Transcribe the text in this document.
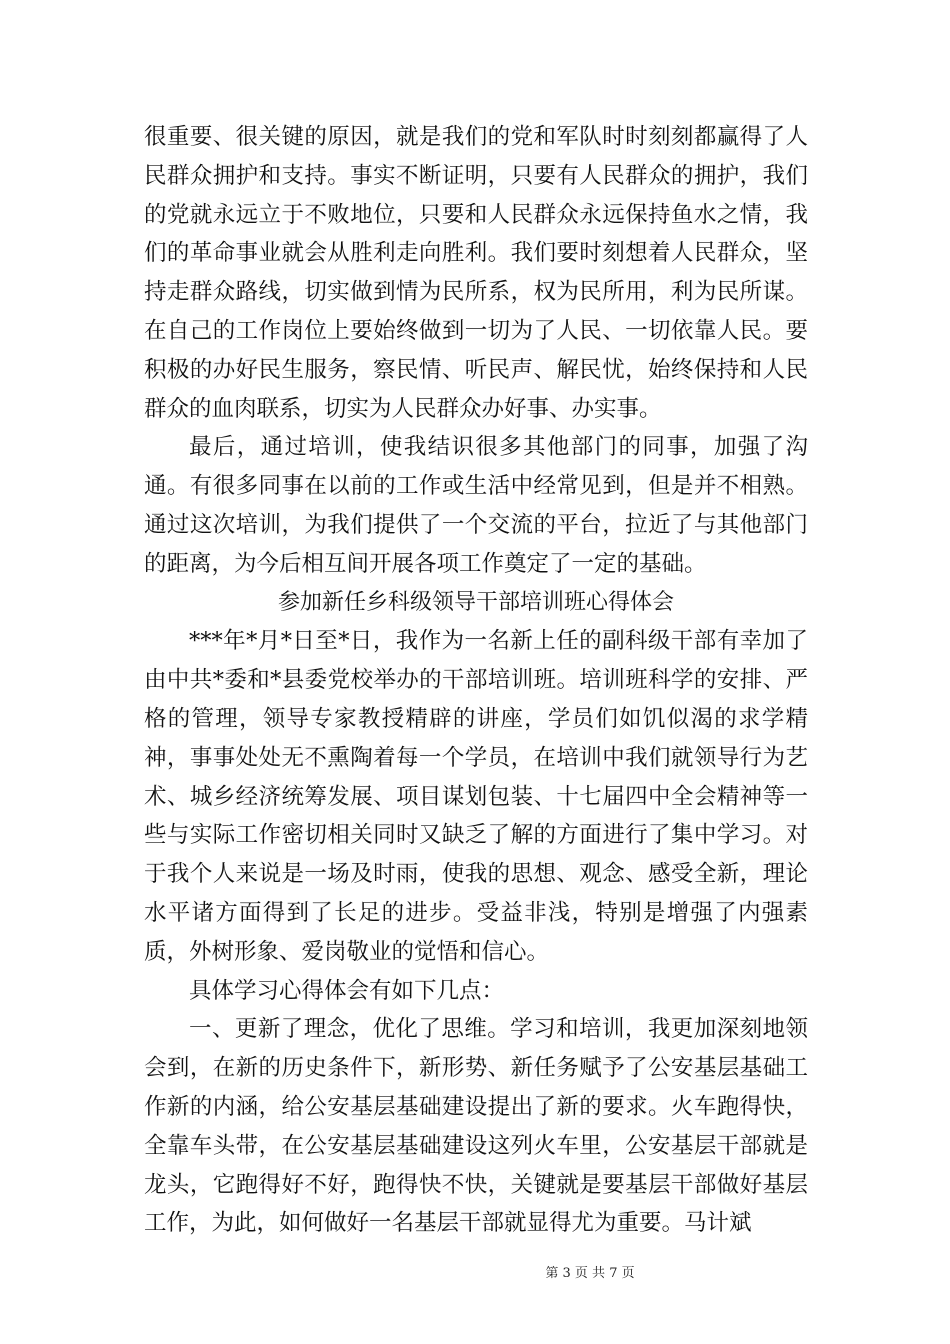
很重要、很关键的原因，就是我们的党和军队时时刻刻都赢得了人民群众拥护和支持。事实不断证明，只要有人民群众的拥护，我们的党就永远立于不败地位，只要和人民群众永远保持鱼水之情，我们的革命事业就会从胜利走向胜利。我们要时刻想着人民群众，坚持走群众路线，切实做到情为民所系，权为民所用，利为民所谋。在自己的工作岗位上要始终做到一切为了人民、一切依靠人民。要积极的办好民生服务，察民情、听民声、解民忧，始终保持和人民群众的血肉联系，切实为人民群众办好事、办实事。

最后，通过培训，使我结识很多其他部门的同事，加强了沟通。有很多同事在以前的工作或生活中经常见到，但是并不相熟。通过这次培训，为我们提供了一个交流的平台，拉近了与其他部门的距离，为今后相互间开展各项工作奠定了一定的基础。

参加新任乡科级领导干部培训班心得体会

***年*月*日至*日，我作为一名新上任的副科级干部有幸加了由中共*委和*县委党校举办的干部培训班。培训班科学的安排、严格的管理，领导专家教授精辟的讲座，学员们如饥似渴的求学精神，事事处处无不熏陶着每一个学员，在培训中我们就领导行为艺术、城乡经济统筹发展、项目谋划包装、十七届四中全会精神等一些与实际工作密切相关同时又缺乏了解的方面进行了集中学习。对于我个人来说是一场及时雨，使我的思想、观念、感受全新，理论水平诸方面得到了长足的进步。受益非浅，特别是增强了内强素质，外树形象、爱岗敬业的觉悟和信心。

具体学习心得体会有如下几点：

一、更新了理念，优化了思维。学习和培训，我更加深刻地领会到，在新的历史条件下，新形势、新任务赋予了公安基层基础工作新的内涵，给公安基层基础建设提出了新的要求。火车跑得快，全靠车头带，在公安基层基础建设这列火车里，公安基层干部就是龙头，它跑得好不好，跑得快不快，关键就是要基层干部做好基层工作，为此，如何做好一名基层干部就显得尤为重要。马计斌

第 3 页 共 7 页
